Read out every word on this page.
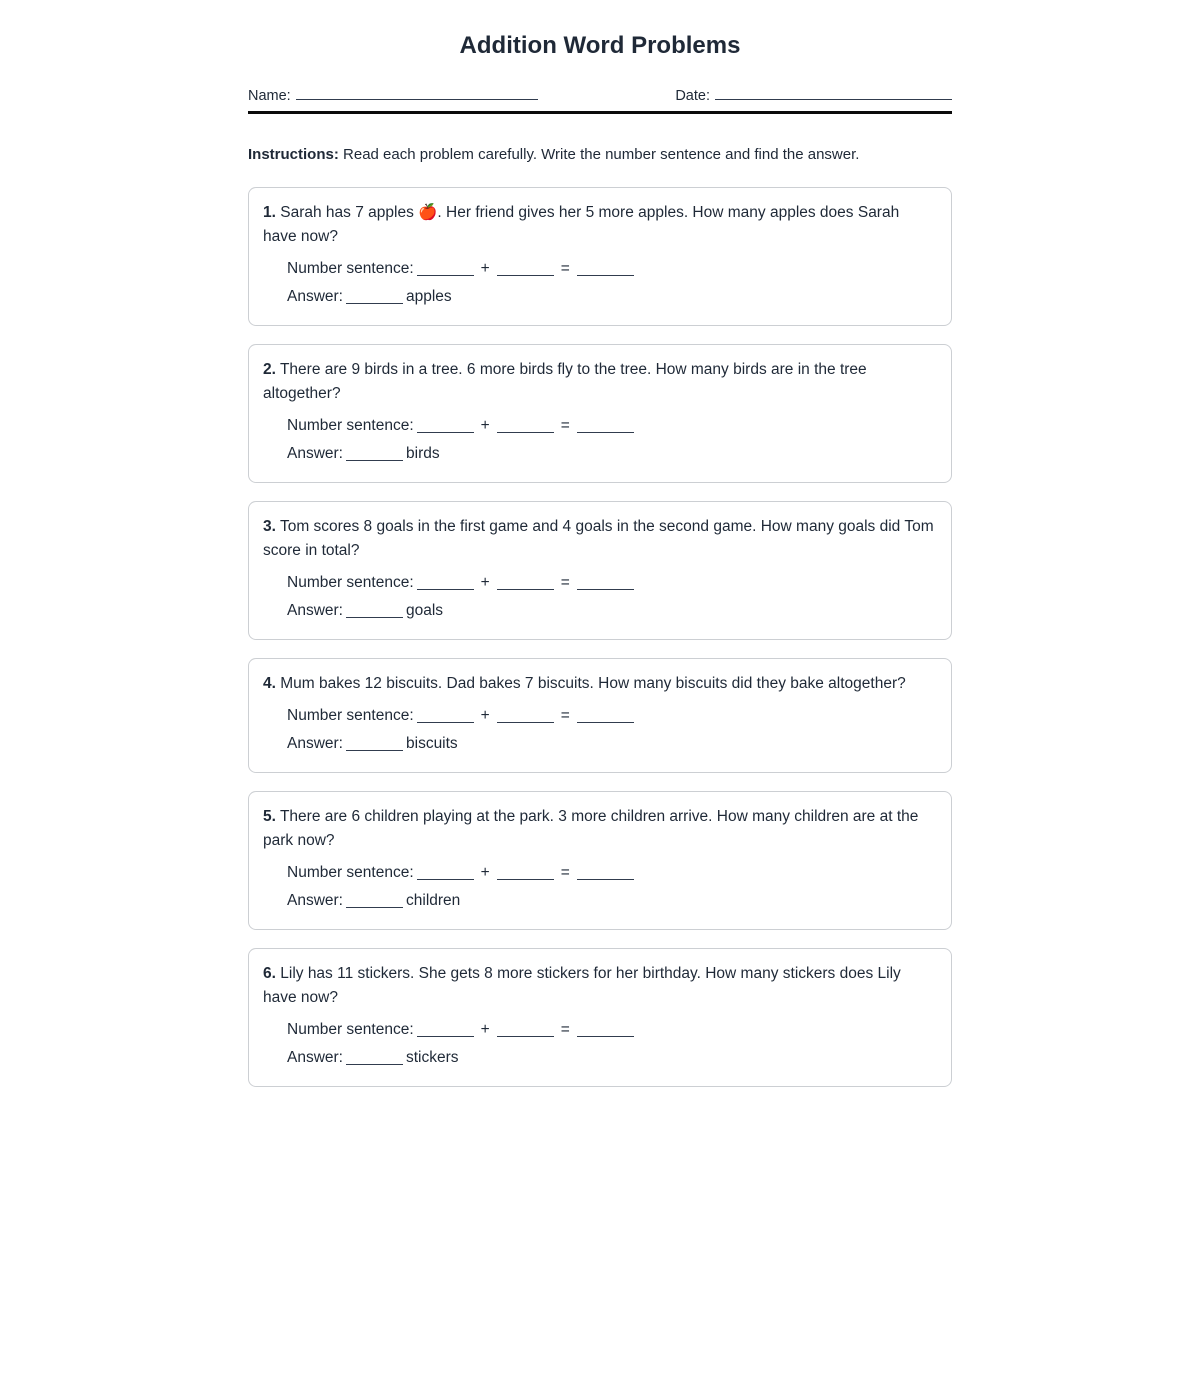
Addition Word Problems
Name:	Date:

Instructions: Read each problem carefully. Write the number sentence and find the answer.

1. Sarah has 7 apples 🍎. Her friend gives her 5 more apples. How many apples does Sarah have now?

Number sentence:	+	=
Answer:	apples

2. There are 9 birds in a tree. 6 more birds fly to the tree. How many birds are in the tree altogether?

Number sentence:	+	=
Answer:	birds

3. Tom scores 8 goals in the first game and 4 goals in the second game. How many goals did Tom score in total?

Number sentence:	+	=
Answer:	goals

4. Mum bakes 12 biscuits. Dad bakes 7 biscuits. How many biscuits did they bake altogether?

Number sentence:	+	=
Answer:	biscuits

5. There are 6 children playing at the park. 3 more children arrive. How many children are at the park now?

Number sentence:	+	=
Answer:	children

6. Lily has 11 stickers. She gets 8 more stickers for her birthday. How many stickers does Lily have now?

Number sentence:	+	=
Answer:	stickers
